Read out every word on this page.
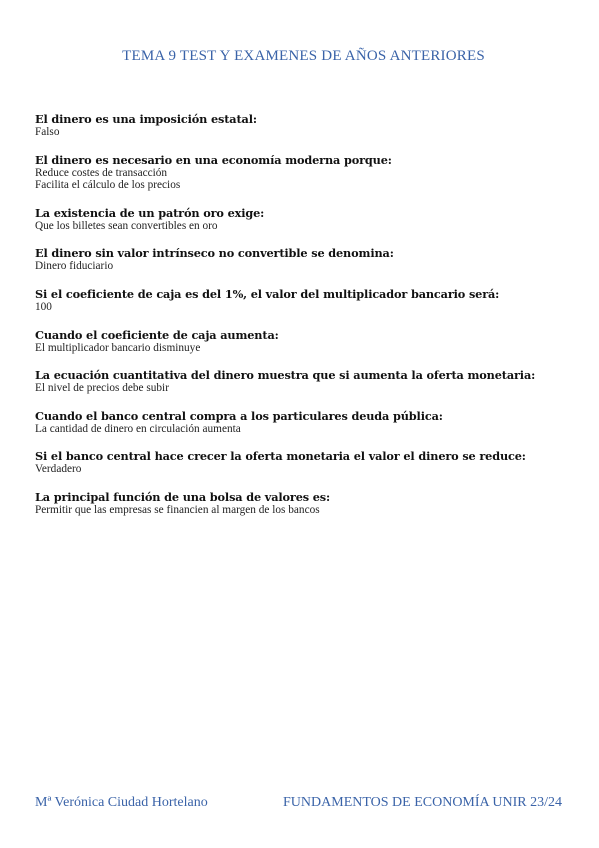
TEMA 9 TEST Y EXAMENES DE AÑOS ANTERIORES
El dinero es una imposición estatal:
Falso
El dinero es necesario en una economía moderna porque:
Reduce costes de transacción
Facilita el cálculo de los precios
La existencia de un patrón oro exige:
Que los billetes sean convertibles en oro
El dinero sin valor intrínseco no convertible se denomina:
Dinero fiduciario
Si el coeficiente de caja es del 1%, el valor del multiplicador bancario será:
100
Cuando el coeficiente de caja aumenta:
El multiplicador bancario disminuye
La ecuación cuantitativa del dinero muestra que si aumenta la oferta monetaria:
El nivel de precios debe subir
Cuando el banco central compra a los particulares deuda pública:
La cantidad de dinero en circulación aumenta
Si el banco central hace crecer la oferta monetaria el valor el dinero se reduce:
Verdadero
La principal función de una bolsa de valores es:
Permitir que las empresas se financien al margen de los bancos
Mª Verónica Ciudad Hortelano	FUNDAMENTOS DE ECONOMÍA UNIR 23/24
